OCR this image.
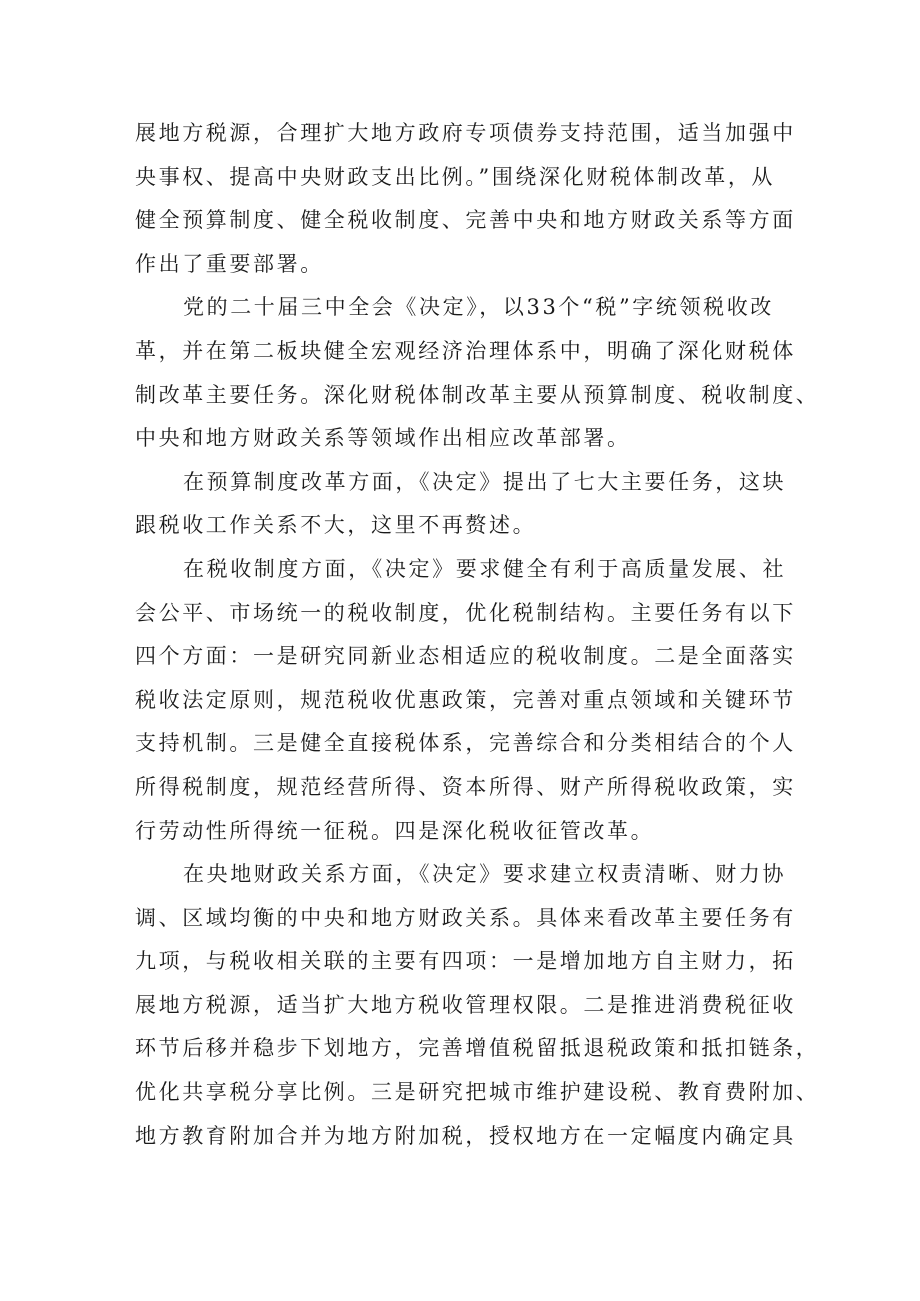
展地方税源，合理扩大地方政府专项债券支持范围，适当加强中
央事权、提高中央财政支出比例。”围绕深化财税体制改革，从
健全预算制度、健全税收制度、完善中央和地方财政关系等方面
作出了重要部署。
党的二十届三中全会《决定》，以33个“税”字统领税收改
革，并在第二板块健全宏观经济治理体系中，明确了深化财税体
制改革主要任务。深化财税体制改革主要从预算制度、税收制度、
中央和地方财政关系等领域作出相应改革部署。
在预算制度改革方面，《决定》提出了七大主要任务，这块
跟税收工作关系不大，这里不再赘述。
在税收制度方面，《决定》要求健全有利于高质量发展、社
会公平、市场统一的税收制度，优化税制结构。主要任务有以下
四个方面：一是研究同新业态相适应的税收制度。二是全面落实
税收法定原则，规范税收优惠政策，完善对重点领域和关键环节
支持机制。三是健全直接税体系，完善综合和分类相结合的个人
所得税制度，规范经营所得、资本所得、财产所得税收政策，实
行劳动性所得统一征税。四是深化税收征管改革。
在央地财政关系方面，《决定》要求建立权责清晰、财力协
调、区域均衡的中央和地方财政关系。具体来看改革主要任务有
九项，与税收相关联的主要有四项：一是增加地方自主财力，拓
展地方税源，适当扩大地方税收管理权限。二是推进消费税征收
环节后移并稳步下划地方，完善增值税留抵退税政策和抵扣链条，
优化共享税分享比例。三是研究把城市维护建设税、教育费附加、
地方教育附加合并为地方附加税，授权地方在一定幅度内确定具
